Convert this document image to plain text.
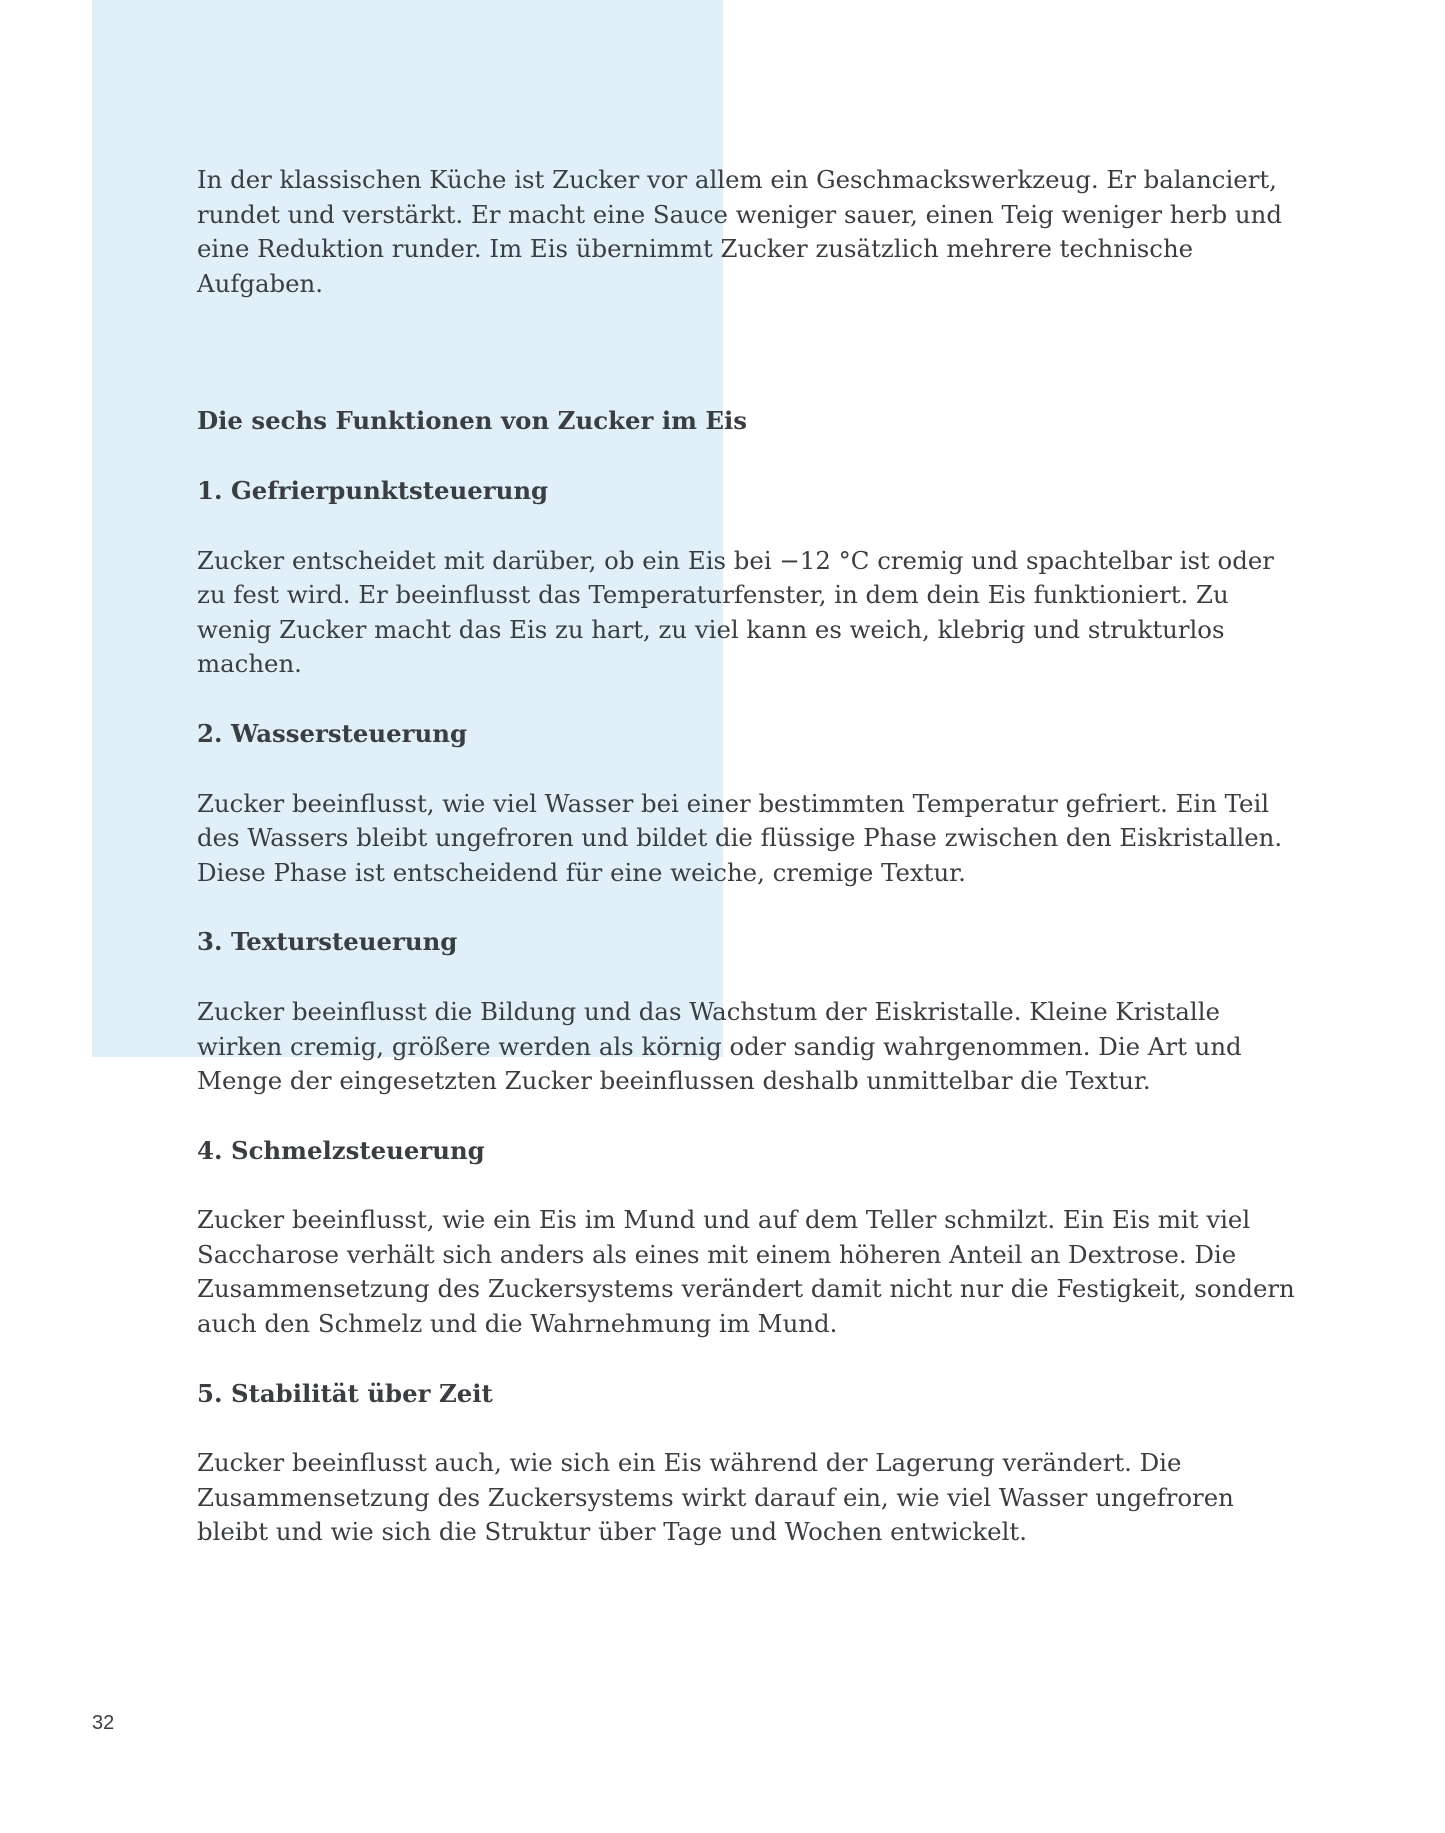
In der klassischen Küche ist Zucker vor allem ein Geschmackswerkzeug. Er balanciert, rundet und verstärkt. Er macht eine Sauce weniger sauer, einen Teig weniger herb und eine Reduktion runder. Im Eis übernimmt Zucker zusätzlich mehrere technische Aufgaben.

Die sechs Funktionen von Zucker im Eis

1. Gefrierpunktsteuerung

Zucker entscheidet mit darüber, ob ein Eis bei −12 °C cremig und spachtelbar ist oder zu fest wird. Er beeinflusst das Temperaturfenster, in dem dein Eis funktioniert. Zu wenig Zucker macht das Eis zu hart, zu viel kann es weich, klebrig und strukturlos machen.

2. Wassersteuerung

Zucker beeinflusst, wie viel Wasser bei einer bestimmten Temperatur gefriert. Ein Teil des Wassers bleibt ungefroren und bildet die flüssige Phase zwischen den Eiskristallen. Diese Phase ist entscheidend für eine weiche, cremige Textur.

3. Textursteuerung

Zucker beeinflusst die Bildung und das Wachstum der Eiskristalle. Kleine Kristalle wirken cremig, größere werden als körnig oder sandig wahrgenommen. Die Art und Menge der eingesetzten Zucker beeinflussen deshalb unmittelbar die Textur.

4. Schmelzsteuerung

Zucker beeinflusst, wie ein Eis im Mund und auf dem Teller schmilzt. Ein Eis mit viel Saccharose verhält sich anders als eines mit einem höheren Anteil an Dextrose. Die Zusammensetzung des Zuckersystems verändert damit nicht nur die Festigkeit, sondern auch den Schmelz und die Wahrnehmung im Mund.

5. Stabilität über Zeit

Zucker beeinflusst auch, wie sich ein Eis während der Lagerung verändert. Die Zusammensetzung des Zuckersystems wirkt darauf ein, wie viel Wasser ungefroren bleibt und wie sich die Struktur über Tage und Wochen entwickelt.

32
